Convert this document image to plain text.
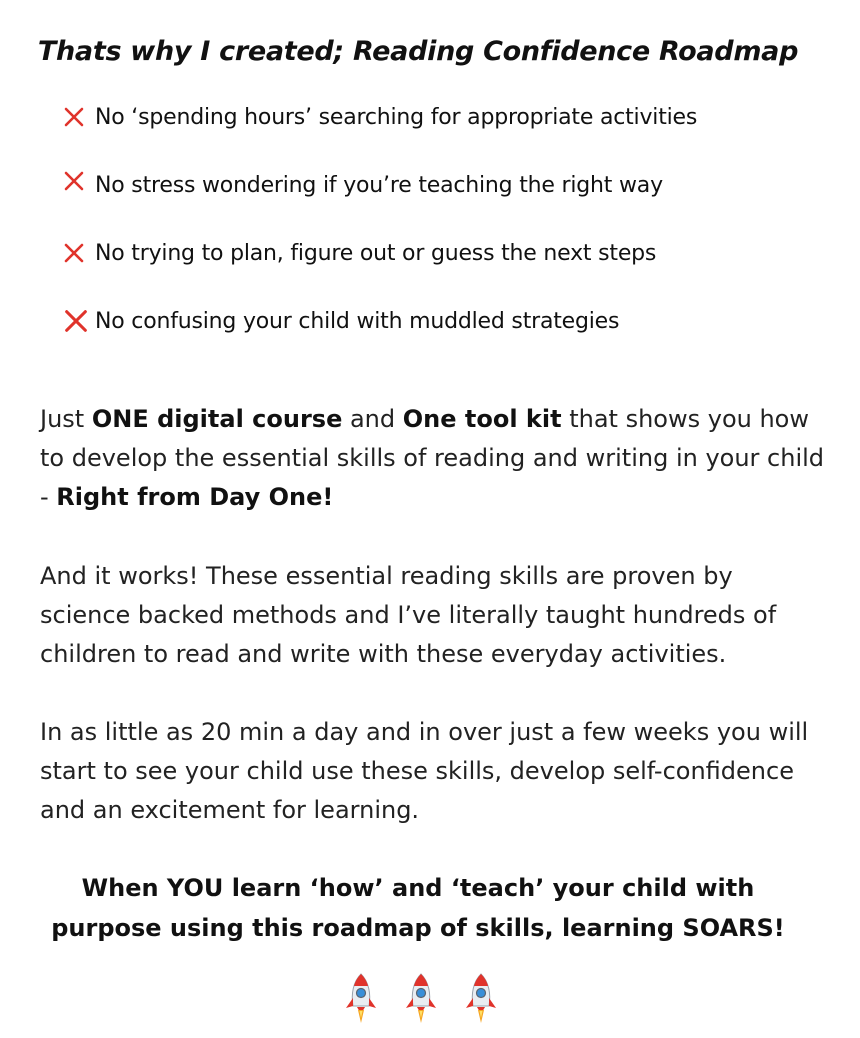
Thats why I created; Reading Confidence Roadmap
No ‘spending hours’ searching for appropriate activities
No stress wondering if you’re teaching the right way
No trying to plan, figure out or guess the next steps
No confusing your child with muddled strategies

Just ONE digital course and One tool kit that shows you how to develop the essential skills of reading and writing in your child - Right from Day One!

And it works! These essential reading skills are proven by science backed methods and I’ve literally taught hundreds of children to read and write with these everyday activities.

In as little as 20 min a day and in over just a few weeks you will start to see your child use these skills, develop self-confidence and an excitement for learning.

When YOU learn ‘how’ and ‘teach’ your child with
purpose using this roadmap of skills, learning SOARS!
